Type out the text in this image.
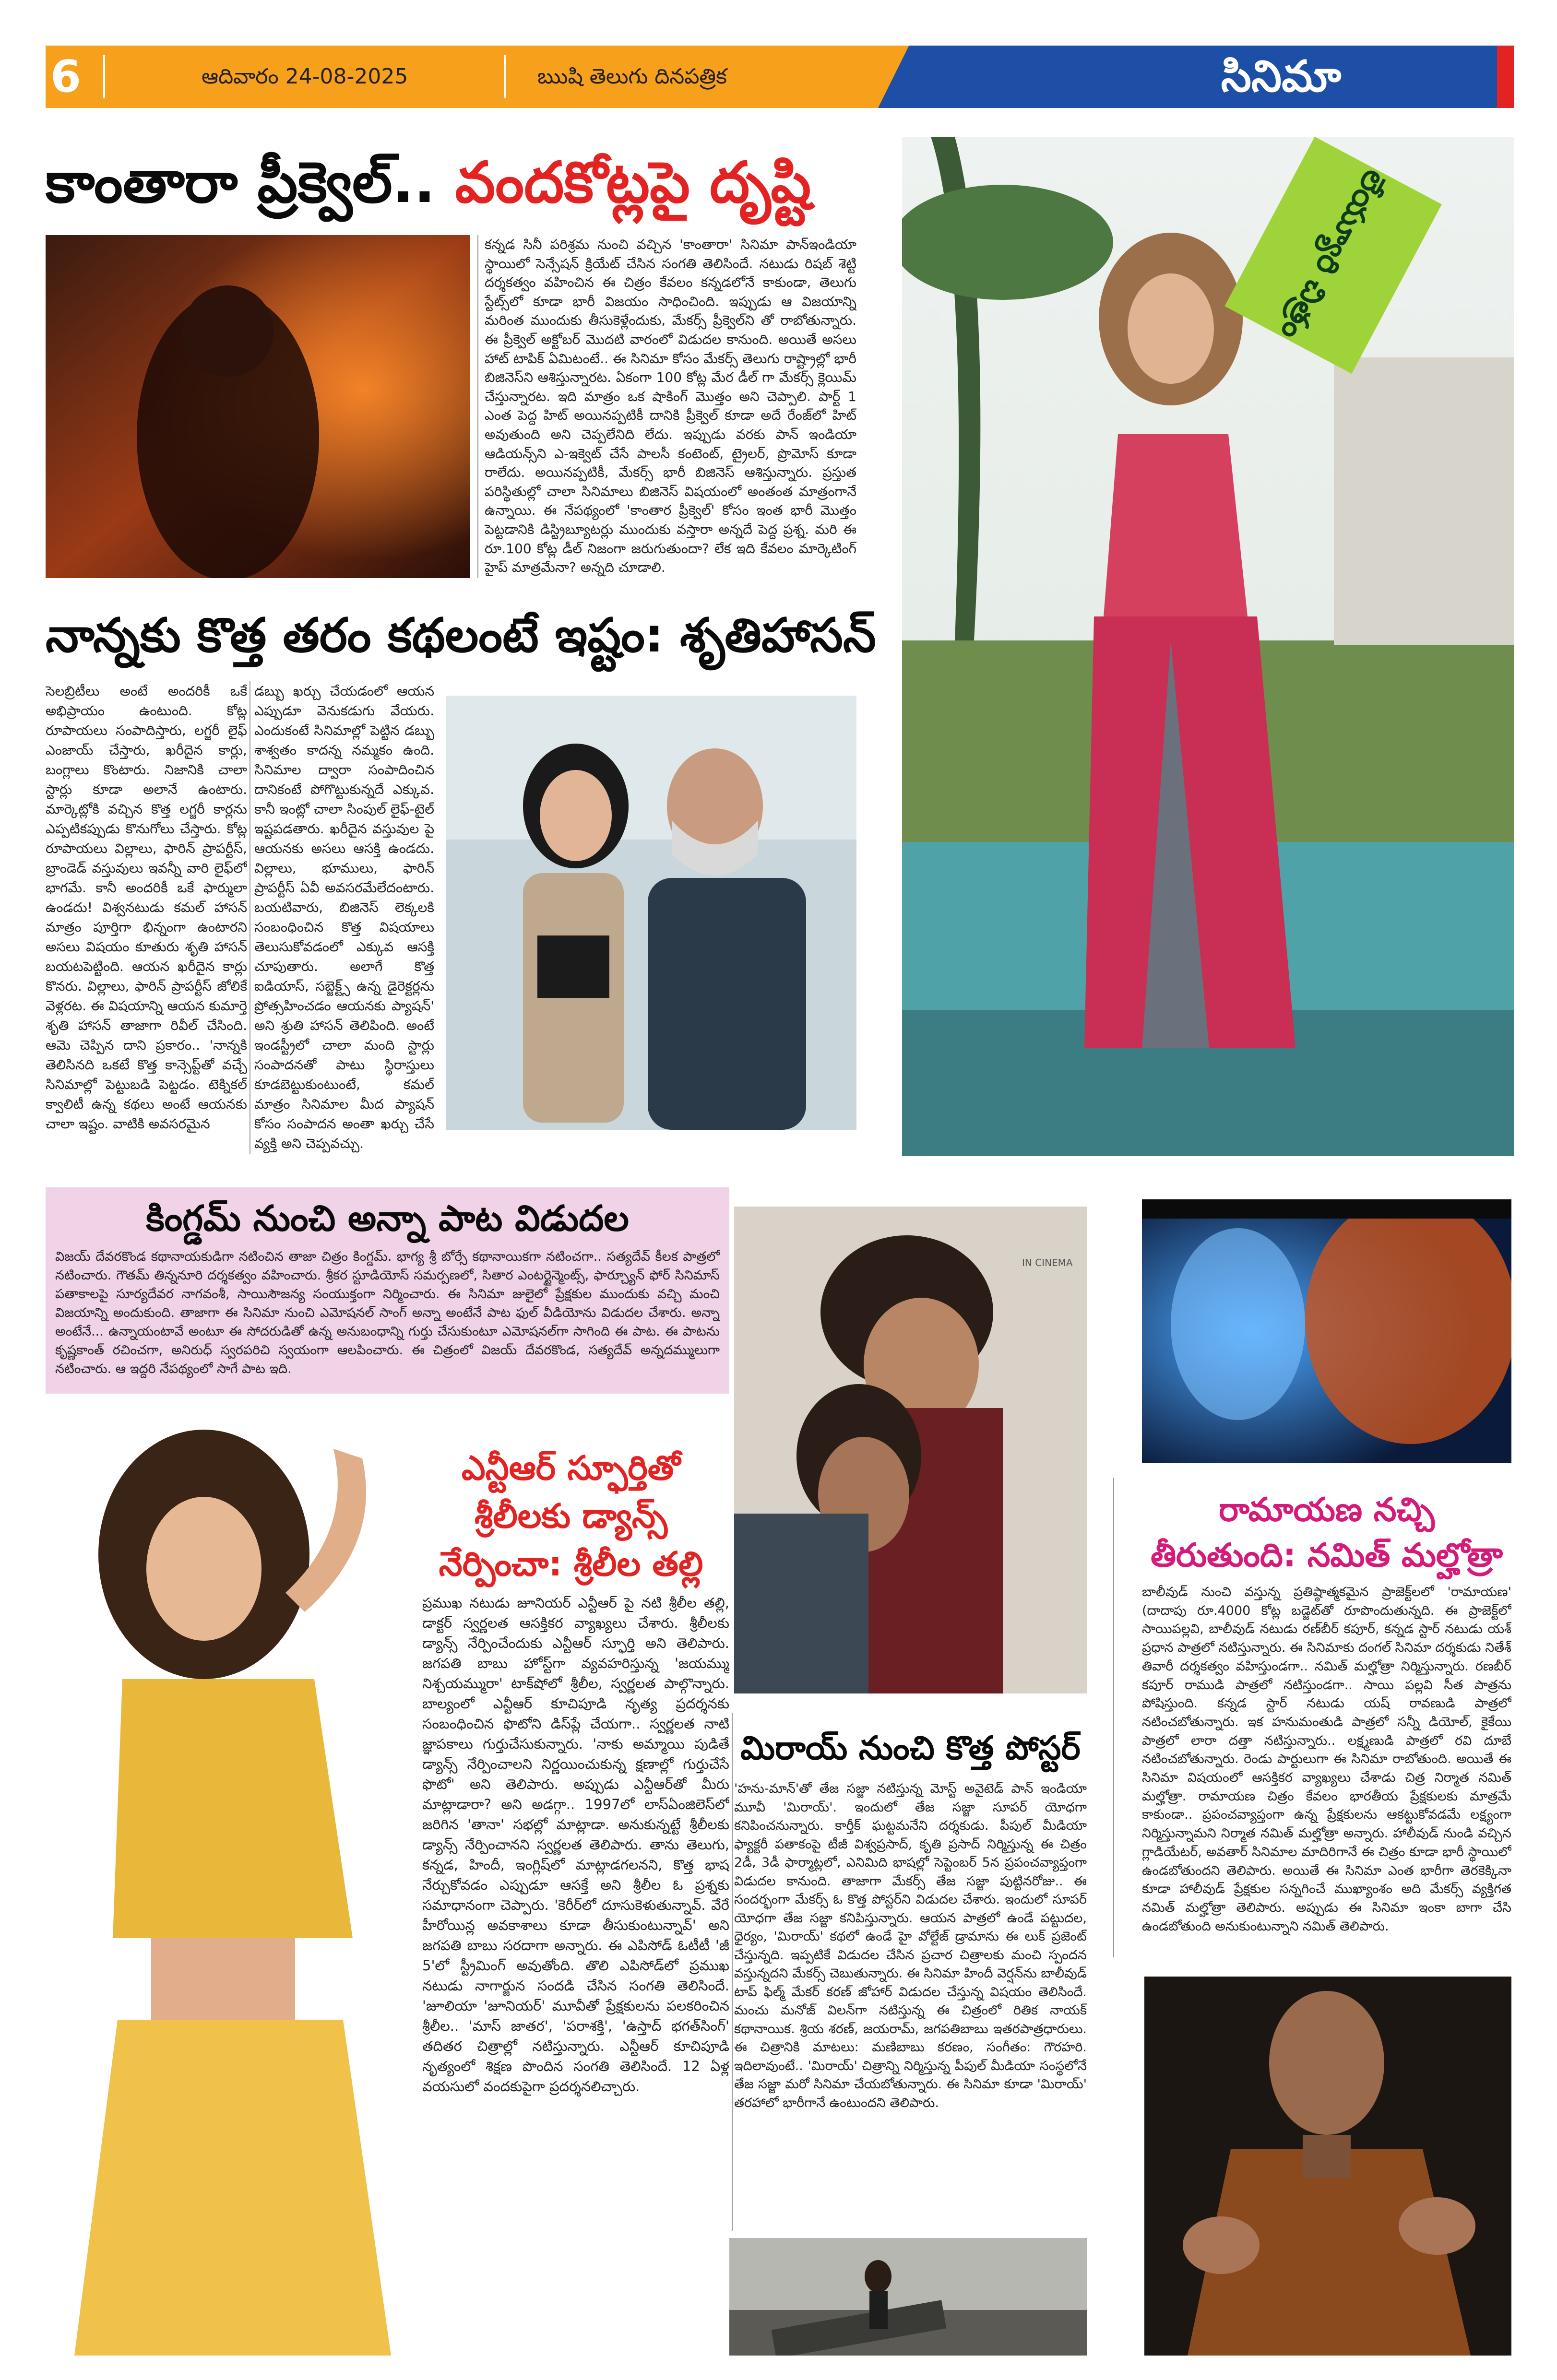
6	ఆదివారం 24-08-2025	ఋషి తెలుగు దినపత్రిక	సినిమా
కాంతారా ప్రీక్వెల్.. వందకోట్లపై దృష్టి
కన్నడ సినీ పరిశ్రమ నుంచి వచ్చిన 'కాంతారా' సినిమా పాన్ఇండియా స్థాయిలో సెన్సేషన్ క్రియేట్ చేసిన సంగతి తెలిసిందే. నటుడు రిషబ్ శెట్టి దర్శకత్వం వహించిన ఈ చిత్రం కేవలం కన్నడలోనే కాకుండా, తెలుగు స్టేట్స్‌లో కూడా భారీ విజయం సాధించింది. ఇప్పుడు ఆ విజయాన్ని మరింత ముందుకు తీసుకెళ్లేందుకు, మేకర్స్ ప్రీక్వెల్‌ని తో రాబోతున్నారు. ఈ ప్రీక్వెల్ అక్టోబర్ మొదటి వారంలో విడుదల కానుంది. అయితే అసలు హాట్ టాపిక్ ఏమిటంటే.. ఈ సినిమా కోసం మేకర్స్ తెలుగు రాష్ట్రాల్లో భారీ బిజినెస్‌ని ఆశిస్తున్నారట. ఏకంగా 100 కోట్ల మేర డీల్ గా మేకర్స్ క్లెయిమ్ చేస్తున్నారట. ఇది మాత్రం ఒక షాకింగ్ మొత్తం అని చెప్పాలి. పార్ట్ 1 ఎంత పెద్ద హిట్ అయినప్పటికీ దానికి ప్రీక్వెల్ కూడా అదే రేంజ్‌లో హిట్ అవుతుంది అని చెప్పలేనిది లేదు. ఇప్పుడు వరకు పాన్ ఇండియా ఆడియన్స్‌ని ఎ-ఇక్వెట్ చేసే పాలసీ కంటెంట్, ట్రైలర్, ప్రొమోస్ కూడా రాలేదు. అయినప్పటికీ, మేకర్స్ భారీ బిజినెస్ ఆశిస్తున్నారు. ప్రస్తుత పరిస్థితుల్లో చాలా సినిమాలు బిజినెస్ విషయంలో అంతంత మాత్రంగానే ఉన్నాయి. ఈ నేపథ్యంలో 'కాంతార ప్రీక్వెల్' కోసం ఇంత భారీ మొత్తం పెట్టడానికి డిస్ట్రిబ్యూటర్లు ముందుకు వస్తారా అన్నదే పెద్ద ప్రశ్న. మరి ఈ రూ.100 కోట్ల డీల్ నిజంగా జరుగుతుందా? లేక ఇది కేవలం మార్కెటింగ్ హైప్ మాత్రమేనా? అన్నది చూడాలి.
నాన్నకు కొత్త తరం కథలంటే ఇష్టం: శృతిహాసన్
సెలబ్రిటీలు అంటే అందరికీ ఒకే అభిప్రాయం ఉంటుంది. కోట్ల రూపాయలు సంపాదిస్తారు, లగ్జరీ లైఫ్ ఎంజాయ్ చేస్తారు, ఖరీదైన కార్లు, బంగ్లాలు కొంటారు. నిజానికి చాలా స్టార్లు కూడా అలానే ఉంటారు. మార్కెట్లోకి వచ్చిన కొత్త లగ్జరీ కార్లను ఎప్పటికప్పుడు కొనుగోలు చేస్తారు. కోట్ల రూపాయలు విల్లాలు, ఫారిన్ ప్రాపర్టీస్, బ్రాండెడ్ వస్తువులు ఇవన్నీ వారి లైఫ్‌లో భాగమే. కానీ అందరికీ ఒకే ఫార్ములా ఉండదు! విశ్వనటుడు కమల్ హాసన్ మాత్రం పూర్తిగా భిన్నంగా ఉంటారని అసలు విషయం కూతురు శృతి హాసన్ బయటపెట్టింది. ఆయన ఖరీదైన కార్లు కొనరు. విల్లాలు, ఫారిన్ ప్రాపర్టీస్ జోలికే వెళ్లరట. ఈ విషయాన్ని ఆయన కుమార్తె శృతి హాసన్ తాజాగా రివీల్ చేసింది. ఆమె చెప్పిన దాని ప్రకారం.. 'నాన్నకి తెలిసినది ఒకటే కొత్త కాన్సెప్ట్‌తో వచ్చే సినిమాల్లో పెట్టుబడి పెట్టడం. టెక్నికల్ క్వాలిటీ ఉన్న కథలు అంటే ఆయనకు చాలా ఇష్టం. వాటికి అవసరమైన
డబ్బు ఖర్చు చేయడంలో ఆయన ఎప్పుడూ వెనుకడుగు వేయరు. ఎందుకంటే సినిమాల్లో పెట్టిన డబ్బు శాశ్వతం కాదన్న నమ్మకం ఉంది. సినిమాల ద్వారా సంపాదించిన దానికంటే పోగొట్టుకున్నదే ఎక్కువ. కానీ ఇంట్లో చాలా సింపుల్ లైఫ్-టైల్‌ ఇష్టపడతారు. ఖరీదైన వస్తువుల పై ఆయనకు అసలు ఆసక్తి ఉండదు. విల్లాలు, భూములు, ఫారిన్ ప్రాపర్టీస్ ఏవీ అవసరమేలేదంటారు. బయటివారు, బిజినెస్ లెక్కలకి సంబంధించిన కొత్త విషయాలు తెలుసుకోవడంలో ఎక్కువ ఆసక్తి చూపుతారు. అలాగే కొత్త ఐడియాస్, సబ్జెక్ట్స్ ఉన్న డైరెక్టర్లను ప్రోత్సహించడం ఆయనకు ప్యాషన్' అని శ్రుతి హాసన్ తెలిపింది. అంటే ఇండస్ట్రీలో చాలా మంది స్టార్లు సంపాదనతో పాటు స్థిరాస్తులు కూడబెట్టుకుంటుంటే, కమల్ మాత్రం సినిమాల మీద ప్యాషన్ కోసం సంపాదన అంతా ఖర్చు చేసే వ్యక్తి అని చెప్పవచ్చు.
లేయ్యూరి చిత్రం
కింగ్డమ్ నుంచి అన్నా పాట విడుదల
విజయ్ దేవరకొండ కథానాయకుడిగా నటించిన తాజా చిత్రం కింగ్డమ్. భాగ్య శ్రీ బోర్సే కథానాయికగా నటించగా.. సత్యదేవ్ కీలక పాత్రలో నటించారు. గౌతమ్ తిన్ననూరి దర్శకత్వం వహించారు. శ్రీకర స్టూడియోస్ సమర్పణలో, సితార ఎంటర్టైన్మెంట్స్, ఫార్చ్యూన్ ఫోర్ సినిమాస్ పతాకాలపై సూర్యదేవర నాగవంశీ, సాయిసౌజన్య సంయుక్తంగా నిర్మించారు. ఈ సినిమా జులైలో ప్రేక్షకుల ముందుకు వచ్చి మంచి విజయాన్ని అందుకుంది. తాజాగా ఈ సినిమా నుంచి ఎమోషనల్ సాంగ్ అన్నా అంటేనే పాట ఫుల్ వీడియోను విడుదల చేశారు. అన్నా అంటేనే... ఉన్నాయంటావే అంటూ ఈ సోదరుడితో ఉన్న అనుబంధాన్ని గుర్తు చేసుకుంటూ ఎమోషనల్‌గా సాగింది ఈ పాట. ఈ పాటను కృష్ణకాంత్ రచించగా, అనిరుధ్ స్వరపరిచి స్వయంగా ఆలపించారు. ఈ చిత్రంలో విజయ్ దేవరకొండ, సత్యదేవ్ అన్నదమ్ములుగా నటించారు. ఆ ఇద్దరి నేపథ్యంలో సాగే పాట ఇది.
IN CINEMA
ఎన్టీఆర్ స్ఫూర్తితో
శ్రీలీలకు డ్యాన్స్
నేర్పించా: శ్రీలీల తల్లి
ప్రముఖ నటుడు జూనియర్ ఎన్టీఆర్ పై నటి శ్రీలీల తల్లి, డాక్టర్ స్వర్ణలత ఆసక్తికర వ్యాఖ్యలు చేశారు. శ్రీలీలకు డ్యాన్స్ నేర్పించేందుకు ఎన్టీఆర్ స్ఫూర్తి అని తెలిపారు. జగపతి బాబు హోస్ట్‌గా వ్యవహరిస్తున్న 'జయమ్ము నిశ్చయమ్మురా' టాక్‌షోలో శ్రీలీల, స్వర్ణలత పాల్గొన్నారు. బాల్యంలో ఎన్టీఆర్ కూచిపూడి నృత్య ప్రదర్శనకు సంబంధించిన ఫొటోని డిస్‌ప్లే చేయగా.. స్వర్ణలత నాటి జ్ఞాపకాలు గుర్తుచేసుకున్నారు. 'నాకు అమ్మాయి పుడితే డ్యాన్స్ నేర్పించాలని నిర్ణయించుకున్న క్షణాల్లో గుర్తుచేసే ఫొటో' అని తెలిపారు. అప్పుడు ఎన్టీఆర్‌తో మీరు మాట్లాడారా? అని అడగ్గా.. 1997లో లాస్‌ఏంజిలెస్‌లో జరిగిన 'తానా' సభల్లో మాట్లాడా. అనుకున్నట్టే శ్రీలీలకు డ్యాన్స్ నేర్పించానని స్వర్ణలత తెలిపారు. తాను తెలుగు, కన్నడ, హిందీ, ఇంగ్లిష్‌లో మాట్లాడగలనని, కొత్త భాష నేర్చుకోవడం ఎప్పుడూ ఆసక్తే అని శ్రీలీల ఓ ప్రశ్నకు సమాధానంగా చెప్పారు. 'కెరీర్‌లో దూసుకెళుతున్నావ్. వేరే హీరోయిన్ల అవకాశాలు కూడా తీసుకుంటున్నావ్' అని జగపతి బాబు సరదాగా అన్నారు. ఈ ఎపిసోడ్ ఓటీటీ 'జీ 5'లో స్ట్రీమింగ్ అవుతోంది. తొలి ఎపిసోడ్‌లో ప్రముఖ నటుడు నాగార్జున సందడి చేసిన సంగతి తెలిసిందే. 'జూలియా 'జూనియర్' మూవీతో ప్రేక్షకులను పలకరించిన శ్రీలీల.. 'మాస్ జాతర', 'పరాశక్తి', 'ఉస్తాద్ భగత్‌సింగ్' తదితర చిత్రాల్లో నటిస్తున్నారు. ఎన్టీఆర్ కూచిపూడి నృత్యంలో శిక్షణ పొందిన సంగతి తెలిసిందే. 12 ఏళ్ల వయసులో వందకుపైగా ప్రదర్శనలిచ్చారు.
మిరాయ్ నుంచి కొత్త పోస్టర్
'హను-మాన్'తో తేజ సజ్జా నటిస్తున్న మోస్ట్ అవైటెడ్ పాన్ ఇండియా మూవీ 'మిరాయ్'. ఇందులో తేజ సజ్జా సూపర్ యోధగా కనిపించనున్నారు. కార్తీక్ ఘట్టమనేని దర్శకుడు. పీపుల్ మీడియా ఫ్యాక్టరీ పతాకంపై టీజీ విశ్వప్రసాద్, కృతి ప్రసాద్ నిర్మిస్తున్న ఈ చిత్రం 2డీ, 3డీ ఫార్మాట్లలో, ఎనిమిది భాషల్లో సెప్టెంబర్ 5న ప్రపంచవ్యాప్తంగా విడుదల కానుంది. తాజాగా మేకర్స్ తేజ సజ్జా పుట్టినరోజు.. ఈ సందర్భంగా మేకర్స్ ఓ కొత్త పోస్టర్‌ని విడుదల చేశారు. ఇందులో సూపర్ యోధగా తేజ సజ్జా కనిపిస్తున్నారు. ఆయన పాత్రలో ఉండే పట్టుదల, ధైర్యం, 'మిరాయ్' కథలో ఉండే హై వోల్టేజ్ డ్రామాను ఈ లుక్ ప్రజెంట్ చేస్తున్నది. ఇప్పటికే విడుదల చేసిన ప్రచార చిత్రాలకు మంచి స్పందన వస్తున్నదని మేకర్స్ చెబుతున్నారు. ఈ సినిమా హిందీ వెర్షన్‌ను బాలీవుడ్ టాప్ ఫిల్మ్ మేకర్ కరణ్ జోహార్ విడుదల చేస్తున్న విషయం తెలిసిందే. మంచు మనోజ్ విలన్‌గా నటిస్తున్న ఈ చిత్రంలో రితిక నాయక్ కథానాయిక. శ్రియ శరణ్, జయరామ్, జగపతిబాబు ఇతరపాత్రధారులు. ఈ చిత్రానికి మాటలు: మణిబాబు కరణం, సంగీతం: గౌరహరి. ఇదిలావుంటే.. 'మిరాయ్' చిత్రాన్ని నిర్మిస్తున్న పీపుల్ మీడియా సంస్థలోనే తేజ సజ్జా మరో సినిమా చేయబోతున్నారు. ఈ సినిమా కూడా 'మిరాయ్' తరహాలో భారీగానే ఉంటుందని తెలిపారు.
రామాయణ నచ్చి
తీరుతుంది: నమిత్ మల్హోత్రా
బాలీవుడ్ నుంచి వస్తున్న ప్రతిష్ఠాత్మకమైన ప్రాజెక్ట్‌లలో 'రామాయణ' (దాదాపు రూ.4000 కోట్ల బడ్జెట్‌తో రూపొందుతున్నది. ఈ ప్రాజెక్ట్‌లో సాయిపల్లవి, బాలీవుడ్ నటుడు రణ్‌బీర్ కపూర్, కన్నడ స్టార్ నటుడు యశ్ ప్రధాన పాత్రలో నటిస్తున్నారు. ఈ సినిమాకు దంగల్ సినిమా దర్శకుడు నితేశ్ తివారీ దర్శకత్వం వహిస్తుండగా.. నమిత్ మల్హోత్రా నిర్మిస్తున్నారు. రణబీర్ కపూర్ రాముడి పాత్రలో నటిస్తుండగా.. సాయి పల్లవి సీత పాత్రను పోషిస్తుంది. కన్నడ స్టార్ నటుడు యష్ రావణుడి పాత్రలో నటించబోతున్నారు. ఇక హనుమంతుడి పాత్రలో సన్నీ డియోల్, కైకేయి పాత్రలో లారా దత్తా నటిస్తున్నారు.. లక్ష్మణుడి పాత్రలో రవి దూబే నటించబోతున్నారు. రెండు పార్టులుగా ఈ సినిమా రాబోతుంది. అయితే ఈ సినిమా విషయంలో ఆసక్తికర వ్యాఖ్యలు చేశాడు చిత్ర నిర్మాత నమిత్ మల్హోత్రా. రామాయణ చిత్రం కేవలం భారతీయ ప్రేక్షకులకు మాత్రమే కాకుండా.. ప్రపంచవ్యాప్తంగా ఉన్న ప్రేక్షకులను ఆకట్టుకోవడమే లక్ష్యంగా నిర్మిస్తున్నామని నిర్మాత నమిత్ మల్హోత్రా అన్నారు. హాలీవుడ్ నుండి వచ్చిన గ్లాడియేటర్, అవతార్ సినిమాల మాదిరిగానే ఈ చిత్రం కూడా భారీ స్థాయిలో ఉండబోతుందని తెలిపారు. అయితే ఈ సినిమా ఎంత భారీగా తెరకెక్కినా కూడా హాలీవుడ్ ప్రేక్షకుల సన్నగించే ముఖ్యాంశం అది మేకర్స్ వ్యక్తిగత నమిత్ మల్హోత్రా తెలిపారు. అప్పుడు ఈ సినిమా ఇంకా బాగా చేసి ఉండబోతుంది అనుకుంటున్నాని నమిత్ తెలిపారు.
